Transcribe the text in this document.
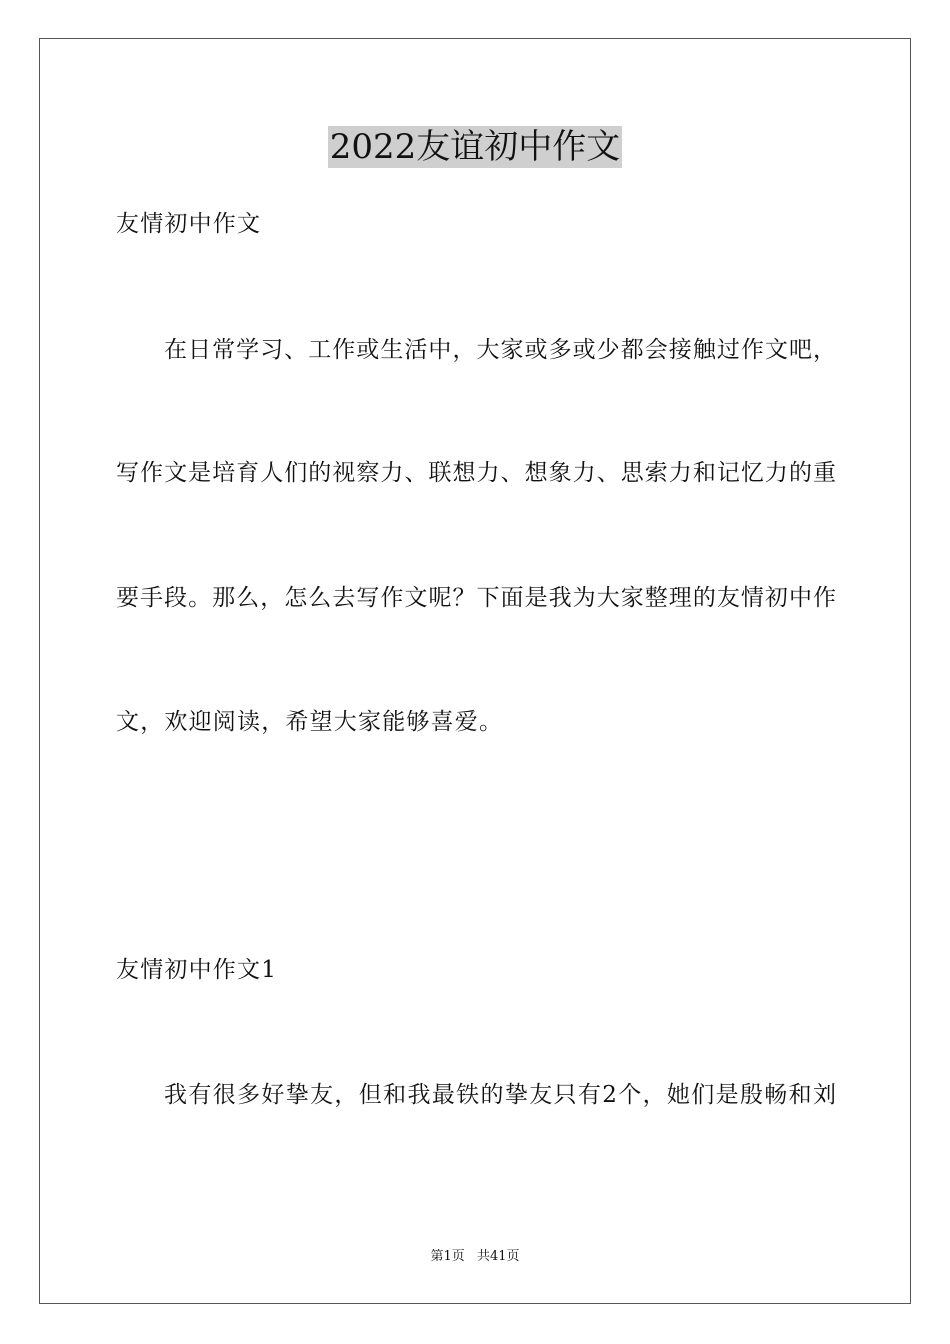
2022友谊初中作文
友情初中作文
在日常学习、工作或生活中，大家或多或少都会接触过作文吧，
写作文是培育人们的视察力、联想力、想象力、思索力和记忆力的重
要手段。那么，怎么去写作文呢？下面是我为大家整理的友情初中作
文，欢迎阅读，希望大家能够喜爱。
友情初中作文1
我有很多好挚友，但和我最铁的挚友只有2个，她们是殷畅和刘
第1页 共41页
